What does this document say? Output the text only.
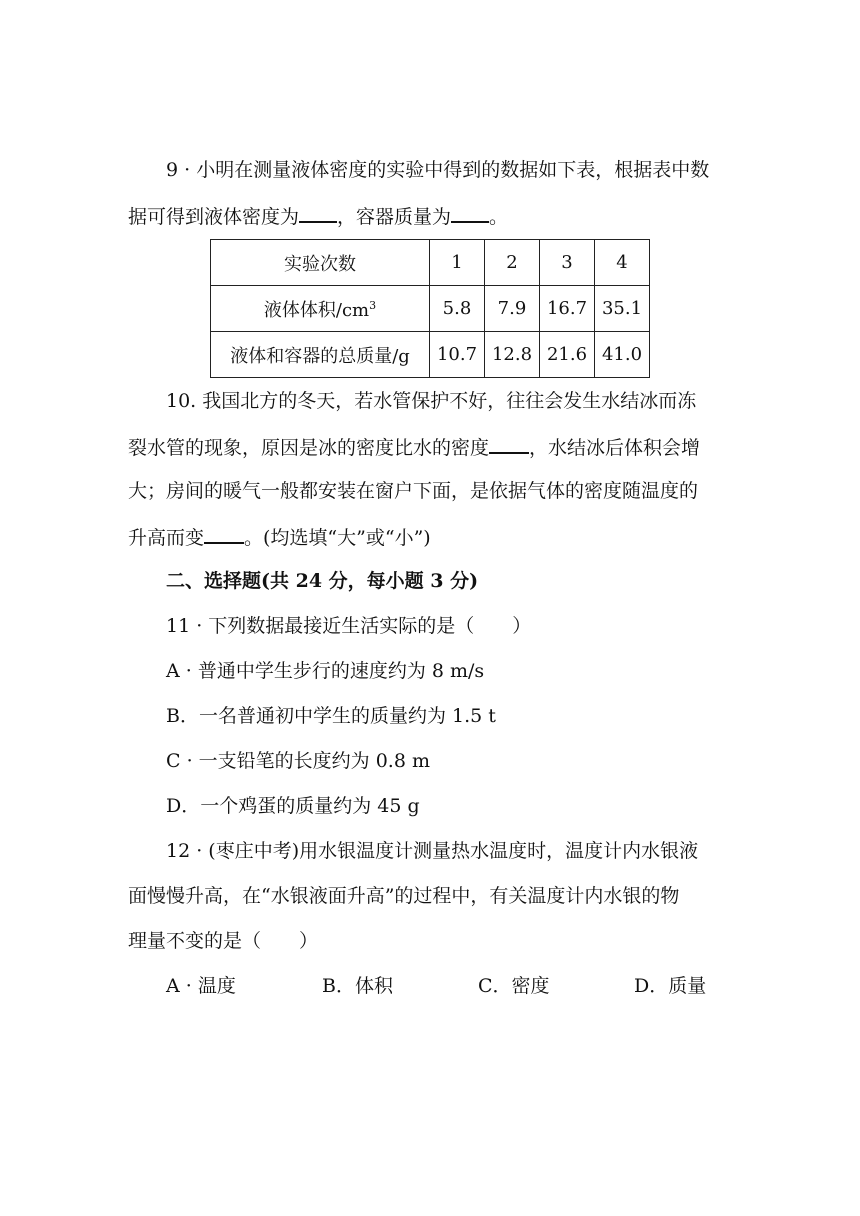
9 · 小明在测量液体密度的实验中得到的数据如下表，根据表中数
据可得到液体密度为 ，容器质量为 。
实验次数	1	2	3	4
液体体积$/cm^3$	5.8	7.9	16.7	35.1
液体和容器的总质量/g	10.7	12.8	21.6	41.0
10. 我国北方的冬天，若水管保护不好，往往会发生水结冰而冻
裂水管的现象，原因是冰的密度比水的密度 ，水结冰后体积会增
大；房间的暖气一般都安装在窗户下面，是依据气体的密度随温度的
升高而变 。(均选填“大”或“小”)
二、选择题(共 24 分，每小题 3 分)
11 · 下列数据最接近生活实际的是（　　）
A · 普通中学生步行的速度约为 8 m/s
B．一名普通初中学生的质量约为 1.5 t
C · 一支铅笔的长度约为 0.8 m
D．一个鸡蛋的质量约为 45 g
12 · (枣庄中考)用水银温度计测量热水温度时，温度计内水银液
面慢慢升高，在“水银液面升高”的过程中，有关温度计内水银的物
理量不变的是（　　）
A · 温度	B．体积	C．密度	D．质量
